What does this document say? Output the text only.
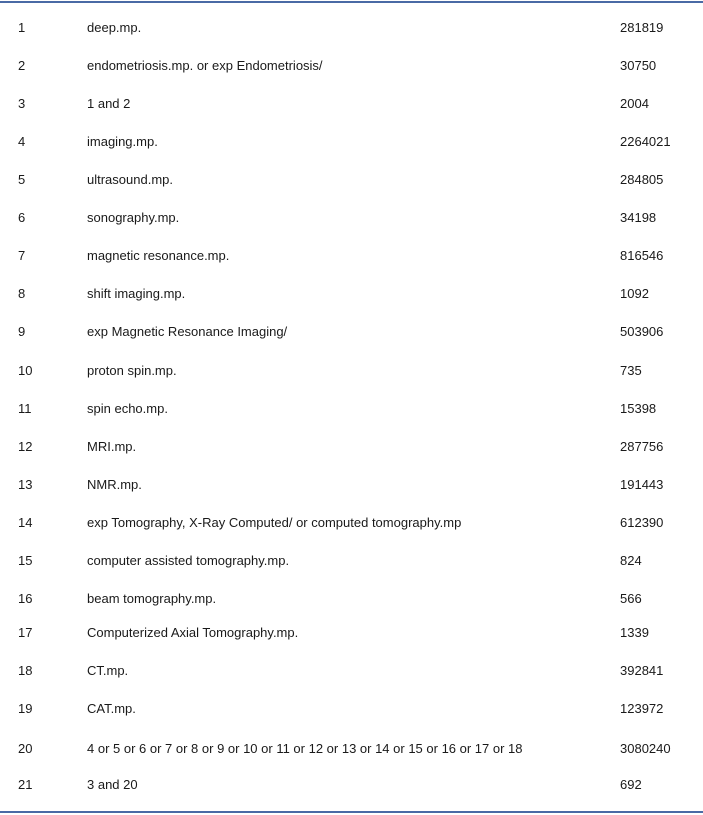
1	deep.mp.	281819
2	endometriosis.mp. or exp Endometriosis/	30750
3	1 and 2	2004
4	imaging.mp.	2264021
5	ultrasound.mp.	284805
6	sonography.mp.	34198
7	magnetic resonance.mp.	816546
8	shift imaging.mp.	1092
9	exp Magnetic Resonance Imaging/	503906
10	proton spin.mp.	735
11	spin echo.mp.	15398
12	MRI.mp.	287756
13	NMR.mp.	191443
14	exp Tomography, X-Ray Computed/ or computed tomography.mp	612390
15	computer assisted tomography.mp.	824
16	beam tomography.mp.	566
17	Computerized Axial Tomography.mp.	1339
18	CT.mp.	392841
19	CAT.mp.	123972
20	4 or 5 or 6 or 7 or 8 or 9 or 10 or 11 or 12 or 13 or 14 or 15 or 16 or 17 or 18	3080240
21	3 and 20	692
